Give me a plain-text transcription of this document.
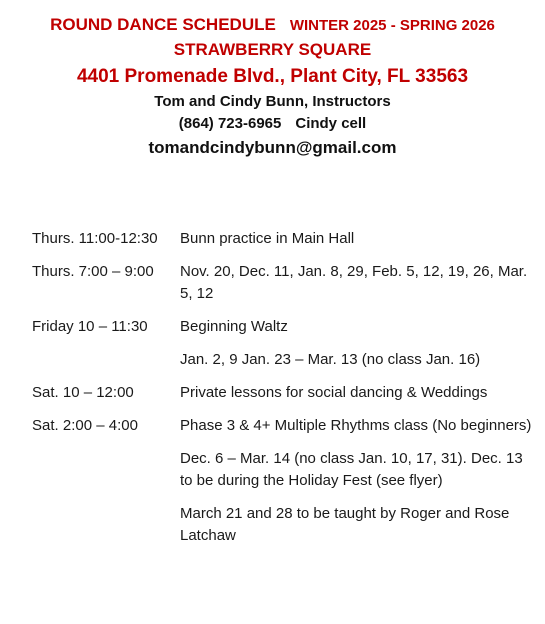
ROUND DANCE SCHEDULE WINTER 2025 - SPRING 2026
STRAWBERRY SQUARE
4401 Promenade Blvd., Plant City, FL 33563
Tom and Cindy Bunn, Instructors
(864) 723-6965 Cindy cell
tomandcindybunn@gmail.com
Thurs. 11:00-12:30	Bunn practice in Main Hall
Thurs. 7:00 – 9:00	Nov. 20, Dec. 11, Jan. 8, 29, Feb. 5, 12, 19, 26, Mar. 5, 12
Friday 10 – 11:30	Beginning Waltz
Jan. 2, 9 Jan. 23 – Mar. 13 (no class Jan. 16)
Sat. 10 – 12:00	Private lessons for social dancing & Weddings
Sat. 2:00 – 4:00	Phase 3 & 4+ Multiple Rhythms class (No beginners)
Dec. 6 – Mar. 14 (no class Jan. 10, 17, 31). Dec. 13 to be during the Holiday Fest (see flyer)
March 21 and 28 to be taught by Roger and Rose Latchaw
